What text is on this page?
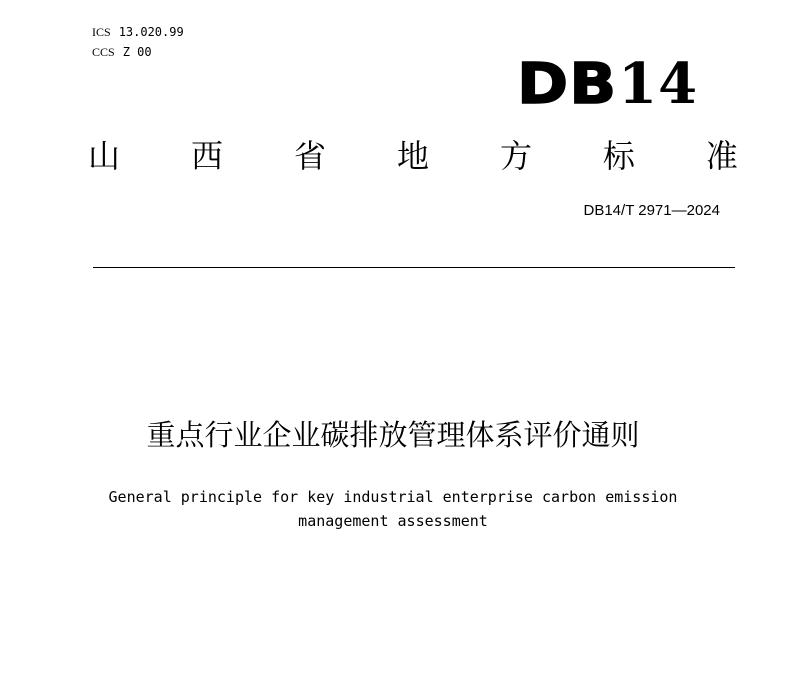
ICS 13.020.99
CCS Z 00	DB14
山 西 省 地 方 标 准
DB14/T 2971—2024
重点行业企业碳排放管理体系评价通则
General principle for key industrial enterprise carbon emission
management assessment
